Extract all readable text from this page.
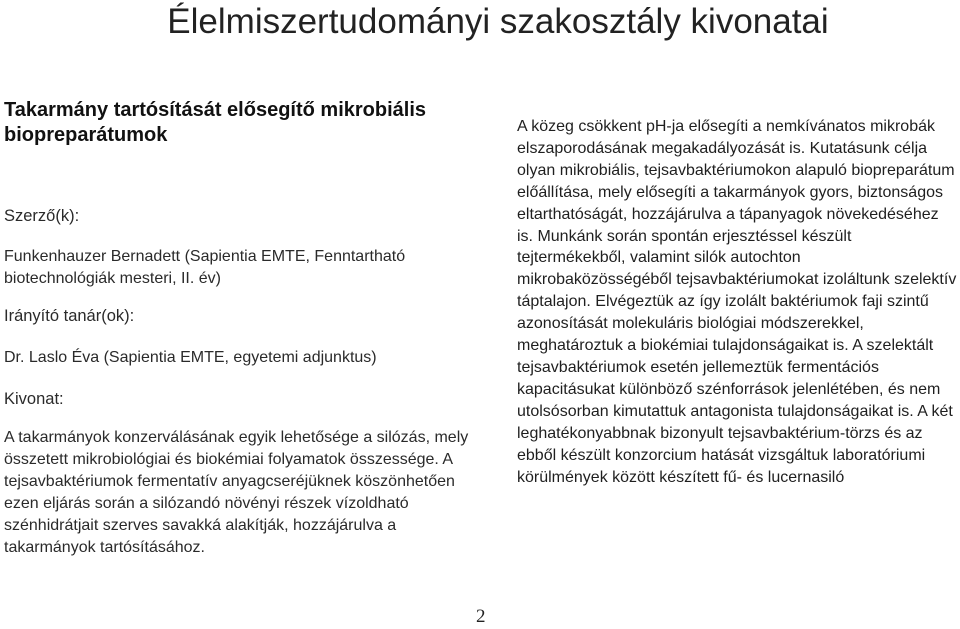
Élelmiszertudományi szakosztály kivonatai

Takarmány tartósítását elősegítő mikrobiális biopreparátumok

Szerző(k):

Funkenhauzer Bernadett (Sapientia EMTE, Fenntartható biotechnológiák mesteri, II. év)

Irányító tanár(ok):

Dr. Laslo Éva (Sapientia EMTE, egyetemi adjunktus)

Kivonat:

A takarmányok konzerválásának egyik lehetősége a silózás, mely összetett mikrobiológiai és biokémiai folyamatok összessége. A tejsavbaktériumok fermentatív anyagcseréjüknek köszönhetően ezen eljárás során a silózandó növényi részek vízoldható szénhidrátjait szerves savakká alakítják, hozzájárulva a takarmányok tartósításához.

A közeg csökkent pH-ja elősegíti a nemkívánatos mikrobák elszaporodásának megakadályozását is. Kutatásunk célja olyan mikrobiális, tejsavbaktériumokon alapuló biopreparátum előállítása, mely elősegíti a takarmányok gyors, biztonságos eltarthatóságát, hozzájárulva a tápanyagok növekedéséhez is. Munkánk során spontán erjesztéssel készült tejtermékekből, valamint silók autochton mikrobaközösségéből tejsavbaktériumokat izoláltunk szelektív táptalajon. Elvégeztük az így izolált baktériumok faji szintű azonosítását molekuláris biológiai módszerekkel, meghatároztuk a biokémiai tulajdonságaikat is. A szelektált tejsavbaktériumok esetén jellemeztük fermentációs kapacitásukat különböző szénforrások jelenlétében, és nem utolsósorban kimutattuk antagonista tulajdonságaikat is. A két leghatékonyabbnak bizonyult tejsavbaktérium-törzs és az ebből készült konzorcium hatását vizsgáltuk laboratóriumi körülmények között készített fű- és lucernasiló

2
